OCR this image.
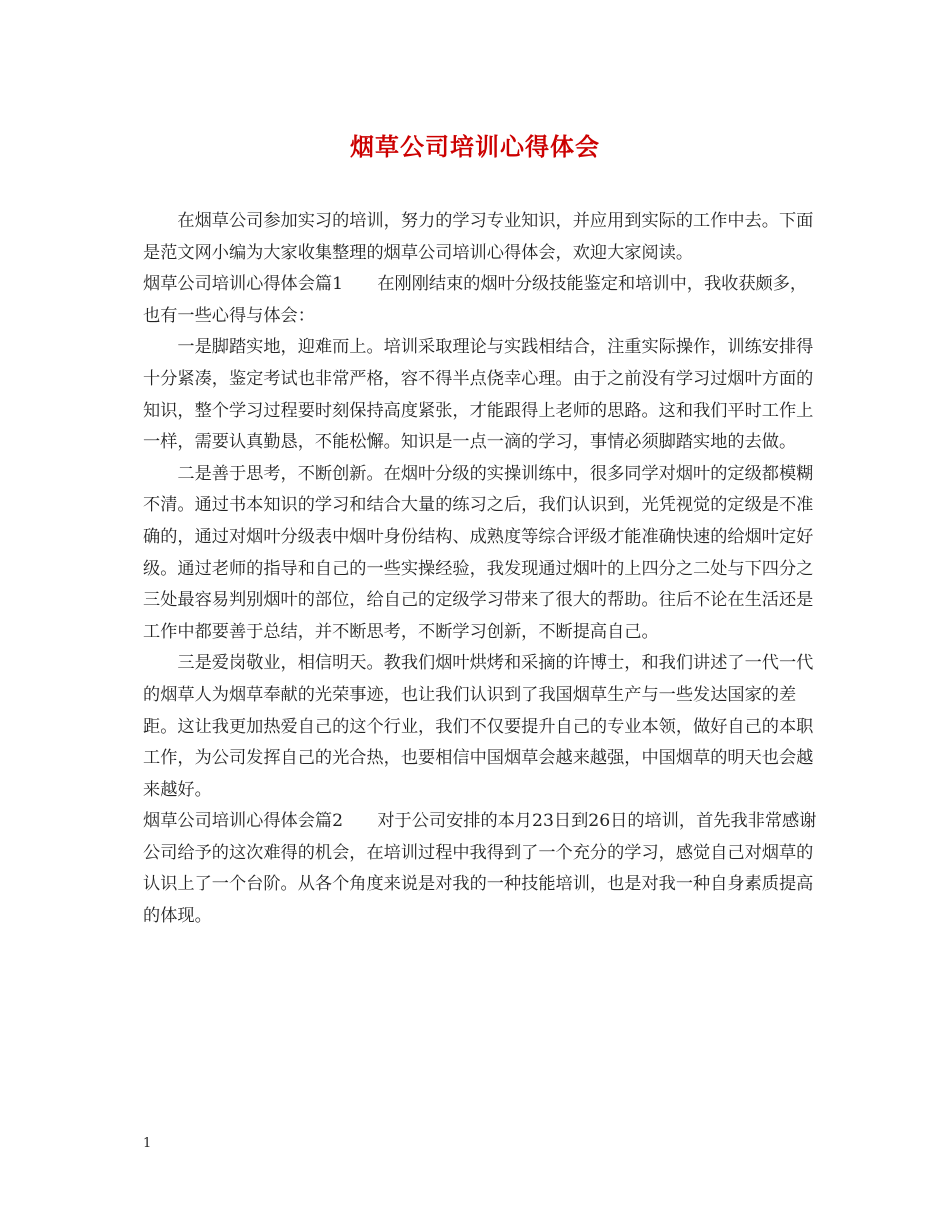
烟草公司培训心得体会

在烟草公司参加实习的培训，努力的学习专业知识，并应用到实际的工作中去。下面是范文网小编为大家收集整理的烟草公司培训心得体会，欢迎大家阅读。

烟草公司培训心得体会篇1　　在刚刚结束的烟叶分级技能鉴定和培训中，我收获颇多，也有一些心得与体会：

一是脚踏实地，迎难而上。培训采取理论与实践相结合，注重实际操作，训练安排得十分紧凑，鉴定考试也非常严格，容不得半点侥幸心理。由于之前没有学习过烟叶方面的知识，整个学习过程要时刻保持高度紧张，才能跟得上老师的思路。这和我们平时工作上一样，需要认真勤恳，不能松懈。知识是一点一滴的学习，事情必须脚踏实地的去做。

二是善于思考，不断创新。在烟叶分级的实操训练中，很多同学对烟叶的定级都模糊不清。通过书本知识的学习和结合大量的练习之后，我们认识到，光凭视觉的定级是不准确的，通过对烟叶分级表中烟叶身份结构、成熟度等综合评级才能准确快速的给烟叶定好级。通过老师的指导和自己的一些实操经验，我发现通过烟叶的上四分之二处与下四分之三处最容易判别烟叶的部位，给自己的定级学习带来了很大的帮助。往后不论在生活还是工作中都要善于总结，并不断思考，不断学习创新，不断提高自己。

三是爱岗敬业，相信明天。教我们烟叶烘烤和采摘的许博士，和我们讲述了一代一代的烟草人为烟草奉献的光荣事迹，也让我们认识到了我国烟草生产与一些发达国家的差距。这让我更加热爱自己的这个行业，我们不仅要提升自己的专业本领，做好自己的本职工作，为公司发挥自己的光合热，也要相信中国烟草会越来越强，中国烟草的明天也会越来越好。

烟草公司培训心得体会篇2　　对于公司安排的本月23日到26日的培训，首先我非常感谢公司给予的这次难得的机会，在培训过程中我得到了一个充分的学习，感觉自己对烟草的认识上了一个台阶。从各个角度来说是对我的一种技能培训，也是对我一种自身素质提高的体现。

1
